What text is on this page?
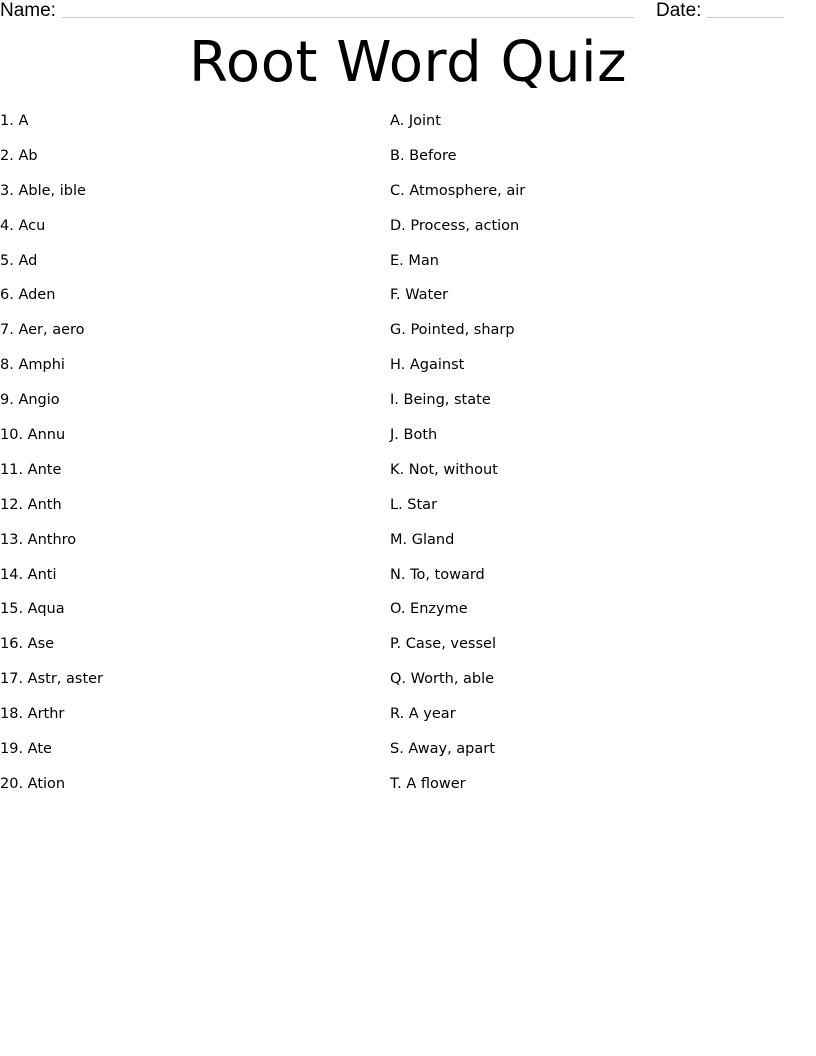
Name:	Date:
Root Word Quiz
1. A
2. Ab
3. Able, ible
4. Acu
5. Ad
6. Aden
7. Aer, aero
8. Amphi
9. Angio
10. Annu
11. Ante
12. Anth
13. Anthro
14. Anti
15. Aqua
16. Ase
17. Astr, aster
18. Arthr
19. Ate
20. Ation
A. Joint
B. Before
C. Atmosphere, air
D. Process, action
E. Man
F. Water
G. Pointed, sharp
H. Against
I. Being, state
J. Both
K. Not, without
L. Star
M. Gland
N. To, toward
O. Enzyme
P. Case, vessel
Q. Worth, able
R. A year
S. Away, apart
T. A flower
